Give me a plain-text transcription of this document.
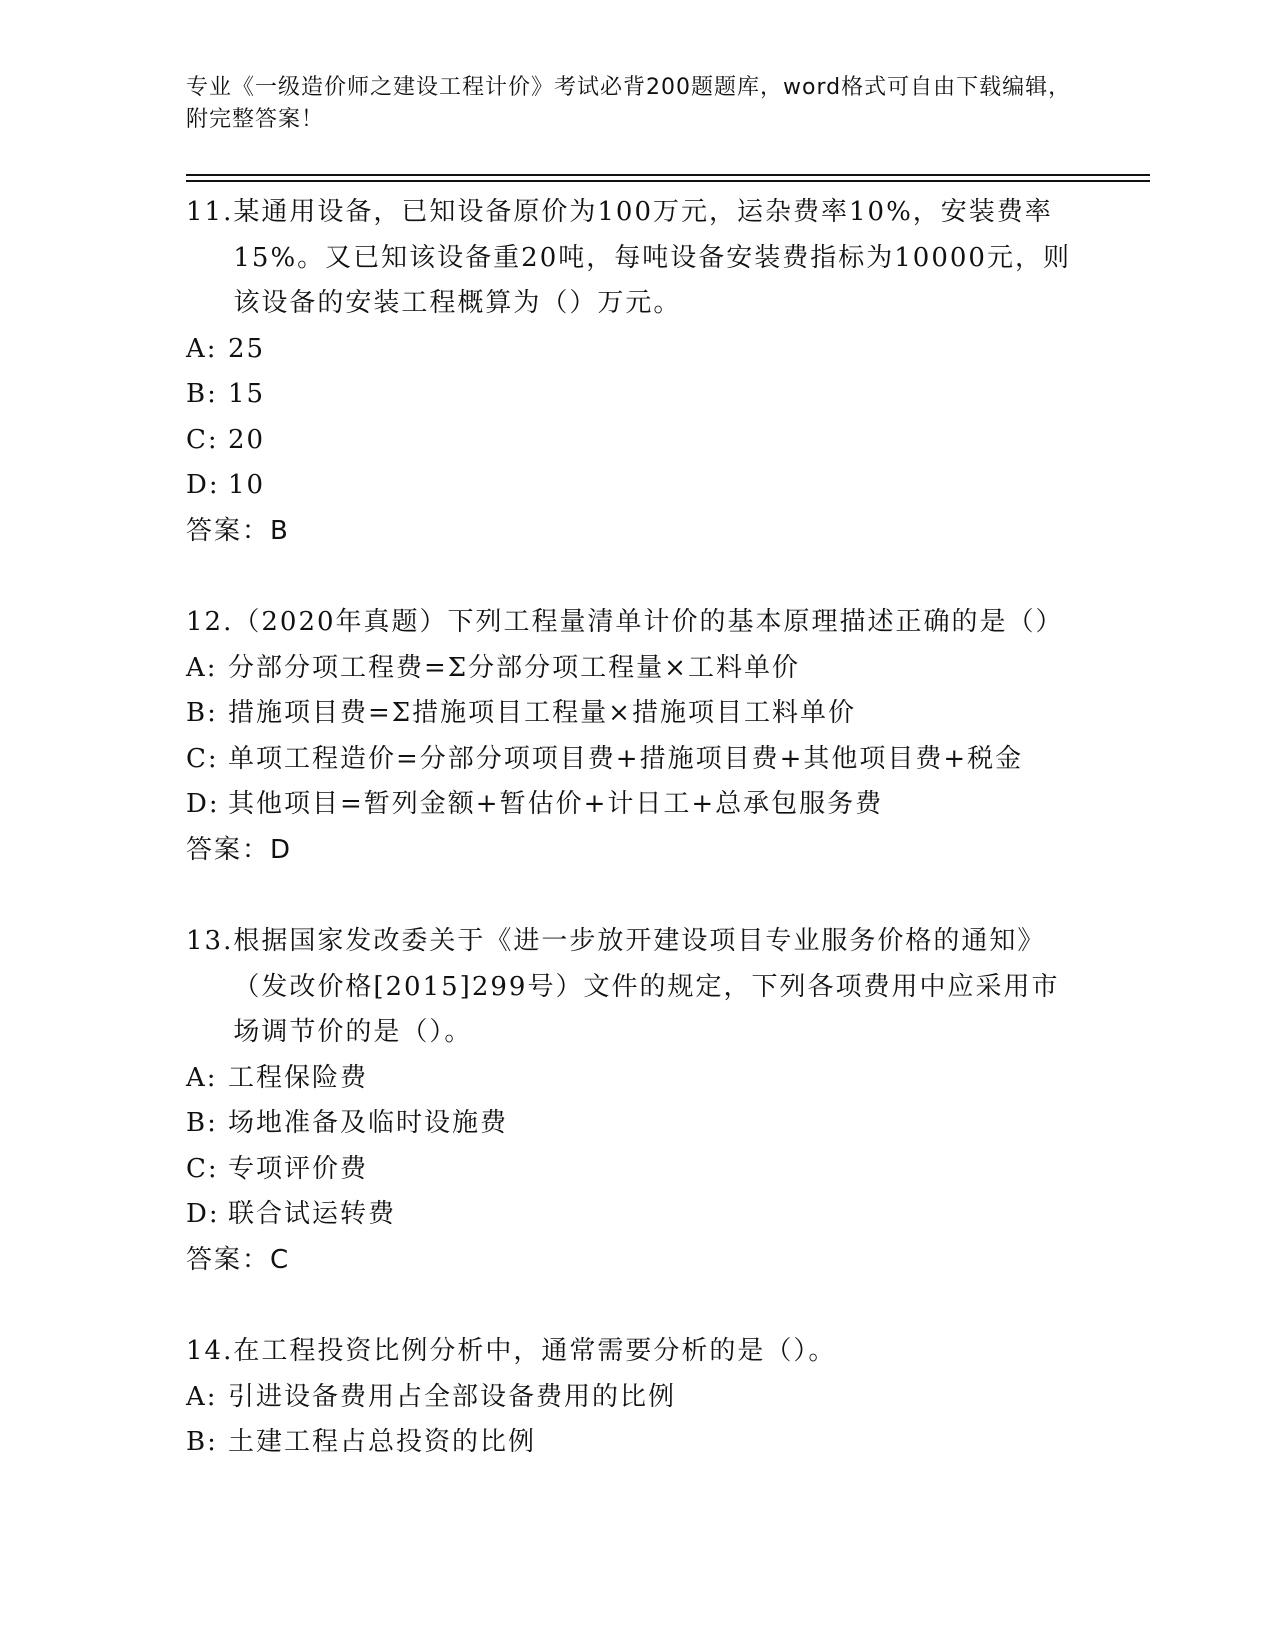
专业《一级造价师之建设工程计价》考试必背200题题库，word格式可自由下载编辑，附完整答案！
11. 某通用设备，已知设备原价为100万元，运杂费率10%，安装费率15%。又已知该设备重20吨，每吨设备安装费指标为10000元，则该设备的安装工程概算为（）万元。
A: 25
B: 15
C: 20
D: 10
答案：B
12. （2020年真题）下列工程量清单计价的基本原理描述正确的是（）
A: 分部分项工程费=Σ分部分项工程量×工料单价
B: 措施项目费=Σ措施项目工程量×措施项目工料单价
C: 单项工程造价=分部分项项目费+措施项目费+其他项目费+税金
D: 其他项目=暂列金额+暂估价+计日工+总承包服务费
答案：D
13. 根据国家发改委关于《进一步放开建设项目专业服务价格的通知》（发改价格[2015]299号）文件的规定，下列各项费用中应采用市场调节价的是（）。
A: 工程保险费
B: 场地准备及临时设施费
C: 专项评价费
D: 联合试运转费
答案：C
14. 在工程投资比例分析中，通常需要分析的是（）。
A: 引进设备费用占全部设备费用的比例
B: 土建工程占总投资的比例
